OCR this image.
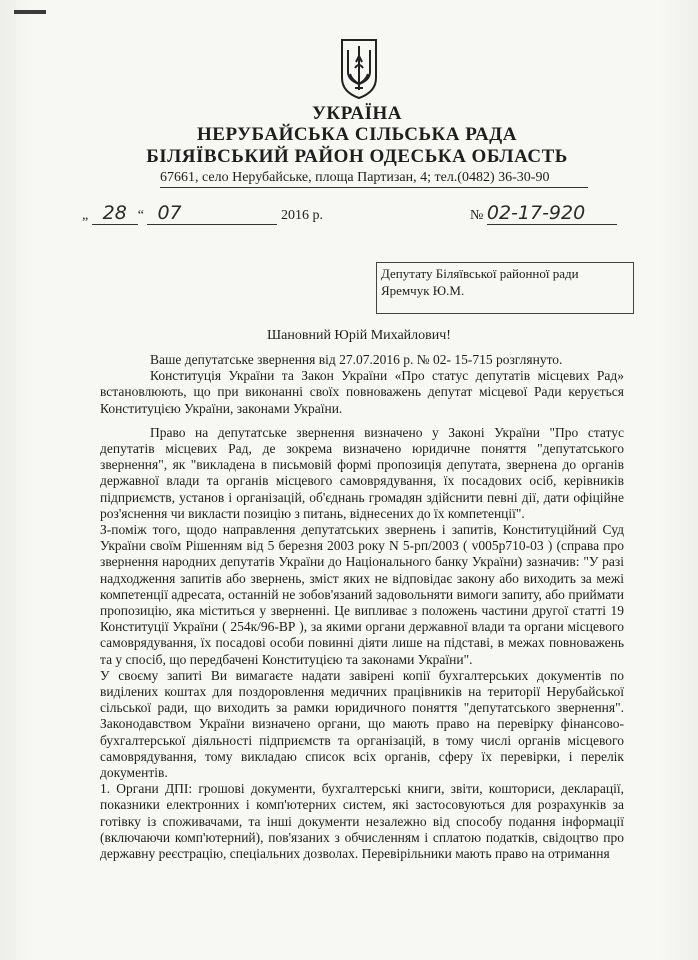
УКРАЇНА
НЕРУБАЙСЬКА СІЛЬСЬКА РАДА
БІЛЯЇВСЬКИЙ РАЙОН ОДЕСЬКА ОБЛАСТЬ
67661, село Нерубайське, площа Партизан, 4; тел.(0482) 36-30-90
„ 28 “ 07	2016 р.	№ 02-17-920
Депутату Біляївської районної ради
Яремчук Ю.М.
Шановний Юрій Михайлович!

Ваше депутатське звернення від 27.07.2016 р. № 02- 15-715 розглянуто.

Конституція України та Закон України «Про статус депутатів місцевих Рад» встановлюють, що при виконанні своїх повноважень депутат місцевої Ради керується Конституцією України, законами України.

Право на депутатське звернення визначено у Законі України "Про статус депутатів місцевих Рад, де зокрема визначено юридичне поняття "депутатського звернення", як "викладена в письмовій формі пропозиція депутата, звернена до органів державної влади та органів місцевого самоврядування, їх посадових осіб, керівників підприємств, установ і організацій, об'єднань громадян здійснити певні дії, дати офіційне роз'яснення чи викласти позицію з питань, віднесених до їх компетенції".

З-поміж того, щодо направлення депутатських звернень і запитів, Конституційний Суд України своїм Рішенням від 5 березня 2003 року N 5-рп/2003 ( v005p710-03 ) (справа про звернення народних депутатів України до Національного банку України) зазначив: "У разі надходження запитів або звернень, зміст яких не відповідає закону або виходить за межі компетенції адресата, останній не зобов'язаний задовольняти вимоги запиту, або приймати пропозицію, яка міститься у зверненні. Це випливає з положень частини другої статті 19 Конституції України ( 254к/96-ВР ), за якими органи державної влади та органи місцевого самоврядування, їх посадові особи повинні діяти лише на підставі, в межах повноважень та у спосіб, що передбачені Конституцією та законами України".

У своєму запиті Ви вимагаєте надати завірені копії бухгалтерських документів по виділених коштах для поздоровлення медичних працівників на території Нерубайської сільської ради, що виходить за рамки юридичного поняття "депутатського звернення". Законодавством України визначено органи, що мають право на перевірку фінансово-бухгалтерської діяльності підприємств та організацій, в тому числі органів місцевого самоврядування, тому викладаю список всіх органів, сферу їх перевірки, і перелік документів.

1. Органи ДПІ: грошові документи, бухгалтерські книги, звіти, кошториси, декларації, показники електронних і комп'ютерних систем, які застосовуються для розрахунків за готівку із споживачами, та інші документи незалежно від способу подання інформації (включаючи комп'ютерний), пов'язаних з обчисленням і сплатою податків, свідоцтво про державну реєстрацію, спеціальних дозволах. Перевірільники мають право на отримання
